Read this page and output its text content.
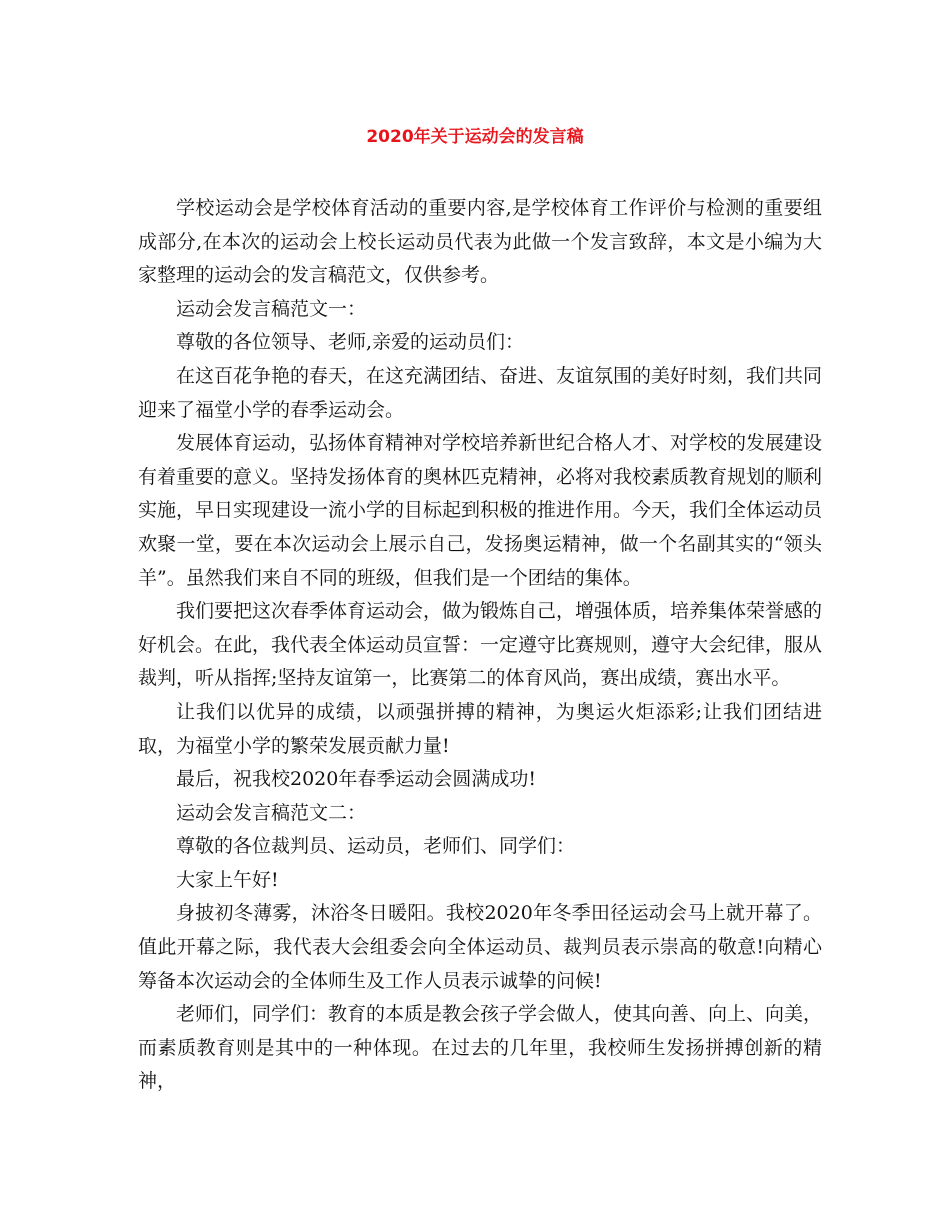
2020年关于运动会的发言稿

学校运动会是学校体育活动的重要内容,是学校体育工作评价与检测的重要组成部分,在本次的运动会上校长运动员代表为此做一个发言致辞，本文是小编为大家整理的运动会的发言稿范文，仅供参考。

运动会发言稿范文一：

尊敬的各位领导、老师,亲爱的运动员们：

在这百花争艳的春天，在这充满团结、奋进、友谊氛围的美好时刻，我们共同迎来了福堂小学的春季运动会。

发展体育运动，弘扬体育精神对学校培养新世纪合格人才、对学校的发展建设有着重要的意义。坚持发扬体育的奥林匹克精神，必将对我校素质教育规划的顺利实施，早日实现建设一流小学的目标起到积极的推进作用。今天，我们全体运动员欢聚一堂，要在本次运动会上展示自己，发扬奥运精神，做一个名副其实的“领头羊”。虽然我们来自不同的班级，但我们是一个团结的集体。

我们要把这次春季体育运动会，做为锻炼自己，增强体质，培养集体荣誉感的好机会。在此，我代表全体运动员宣誓：一定遵守比赛规则，遵守大会纪律，服从裁判，听从指挥;坚持友谊第一，比赛第二的体育风尚，赛出成绩，赛出水平。

让我们以优异的成绩，以顽强拼搏的精神，为奥运火炬添彩;让我们团结进取，为福堂小学的繁荣发展贡献力量!

最后，祝我校2020年春季运动会圆满成功!

运动会发言稿范文二：

尊敬的各位裁判员、运动员，老师们、同学们：

大家上午好!

身披初冬薄雾，沐浴冬日暖阳。我校2020年冬季田径运动会马上就开幕了。值此开幕之际，我代表大会组委会向全体运动员、裁判员表示崇高的敬意!向精心筹备本次运动会的全体师生及工作人员表示诚挚的问候!

老师们，同学们：教育的本质是教会孩子学会做人，使其向善、向上、向美，而素质教育则是其中的一种体现。在过去的几年里，我校师生发扬拼搏创新的精神，
